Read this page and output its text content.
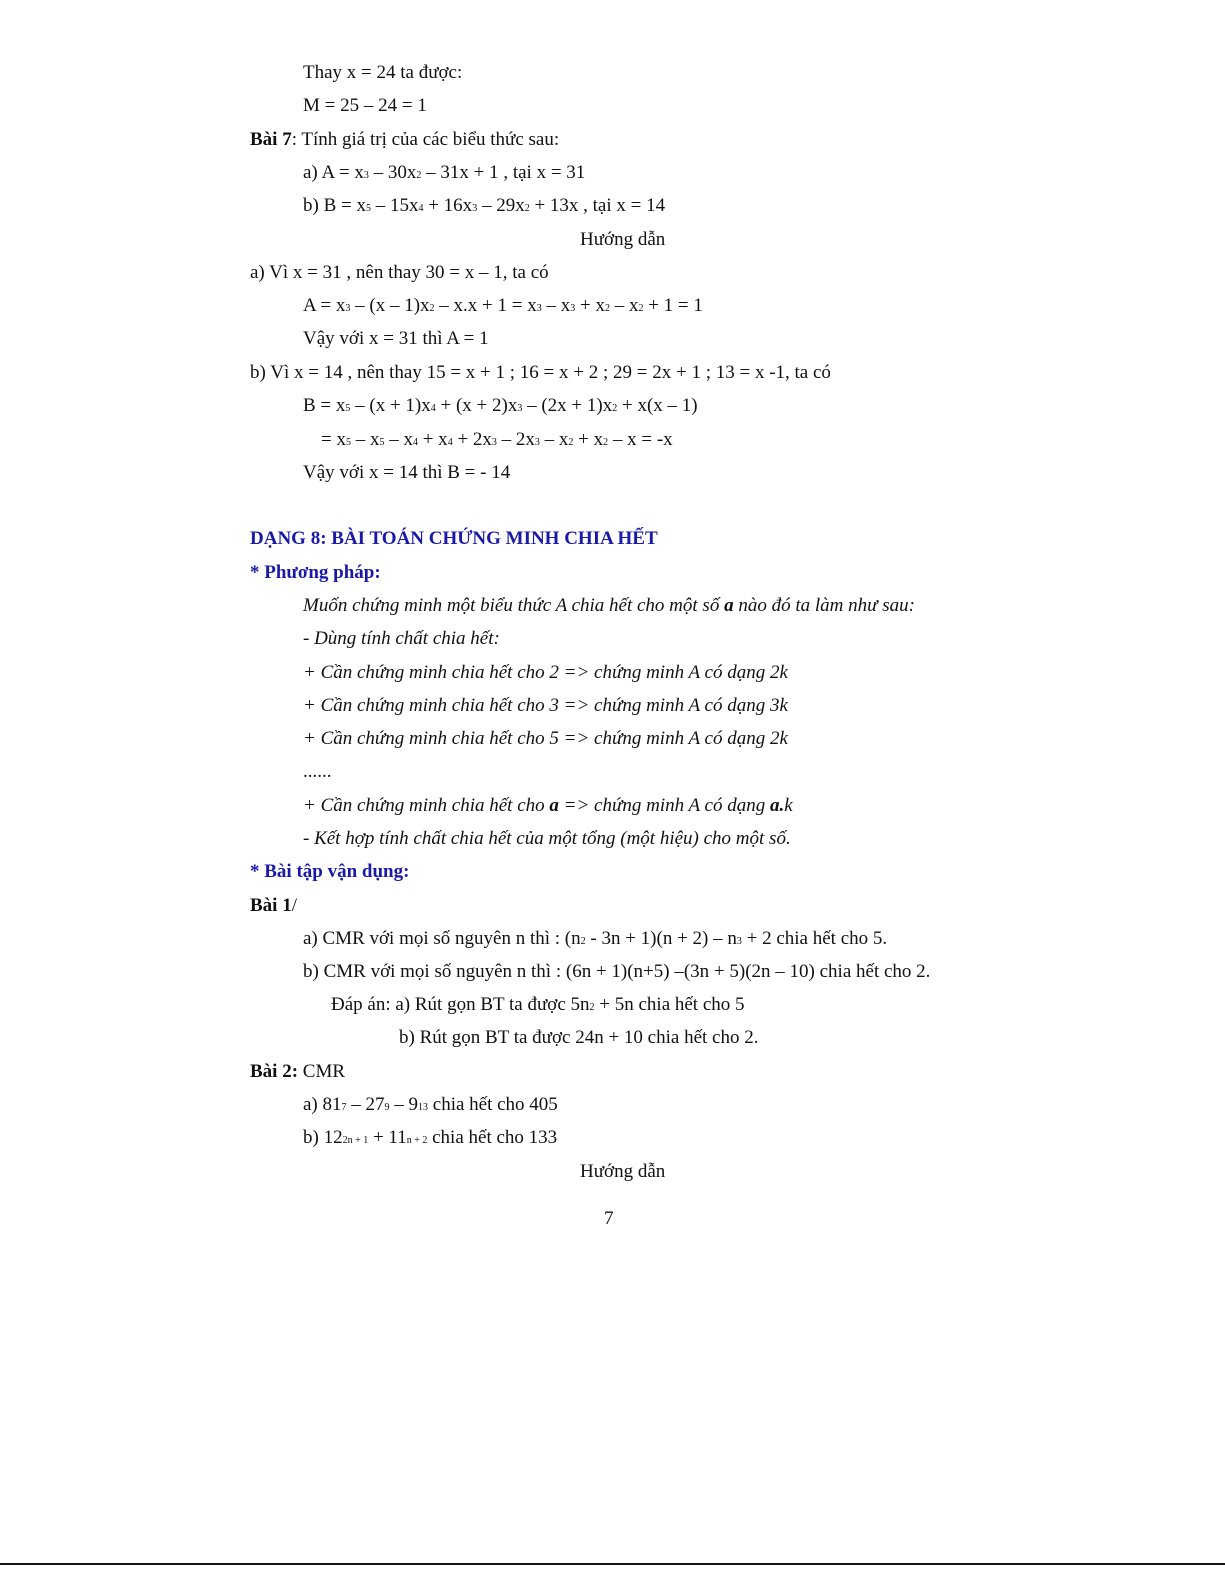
Thay x = 24 ta được:
M = 25 – 24 = 1
Bài 7: Tính giá trị của các biểu thức sau:
a) A = x3 – 30x2 – 31x + 1 , tại x = 31
b) B = x5 – 15x4 + 16x3 – 29x2 + 13x , tại x = 14
Hướng dẫn
a) Vì x = 31 , nên thay 30 = x – 1, ta có
A = x3 – (x – 1)x2 – x.x + 1 = x3 – x3 + x2 – x2 + 1 = 1
Vậy với x = 31 thì A = 1
b) Vì x = 14 , nên thay 15 = x + 1 ; 16 = x + 2 ; 29 = 2x + 1 ; 13 = x -1, ta có
B = x5 – (x + 1)x4 + (x + 2)x3 – (2x + 1)x2 + x(x – 1)
= x5 – x5 – x4 + x4 + 2x3 – 2x3 – x2 + x2 – x = -x
Vậy với x = 14 thì B = - 14
DẠNG 8: BÀI TOÁN CHỨNG MINH CHIA HẾT
* Phương pháp:
Muốn chứng minh một biểu thức A chia hết cho một số a nào đó ta làm như sau:
- Dùng tính chất chia hết:
+ Cần chứng minh chia hết cho 2 => chứng minh A có dạng 2k
+ Cần chứng minh chia hết cho 3 => chứng minh A có dạng 3k
+ Cần chứng minh chia hết cho 5 => chứng minh A có dạng 2k
......
+ Cần chứng minh chia hết cho a => chứng minh A có dạng a.k
- Kết hợp tính chất chia hết của một tổng (một hiệu) cho một số.
* Bài tập vận dụng:
Bài 1/
a) CMR với mọi số nguyên n thì : (n2 - 3n + 1)(n + 2) – n3 + 2 chia hết cho 5.
b) CMR với mọi số nguyên n thì : (6n + 1)(n+5) –(3n + 5)(2n – 10) chia hết cho 2.
Đáp án: a) Rút gọn BT ta được 5n2 + 5n chia hết cho 5
b) Rút gọn BT ta được 24n + 10 chia hết cho 2.
Bài 2: CMR
a) 817 – 279 – 913 chia hết cho 405
b) 122n + 1 + 11n + 2 chia hết cho 133
Hướng dẫn
7
